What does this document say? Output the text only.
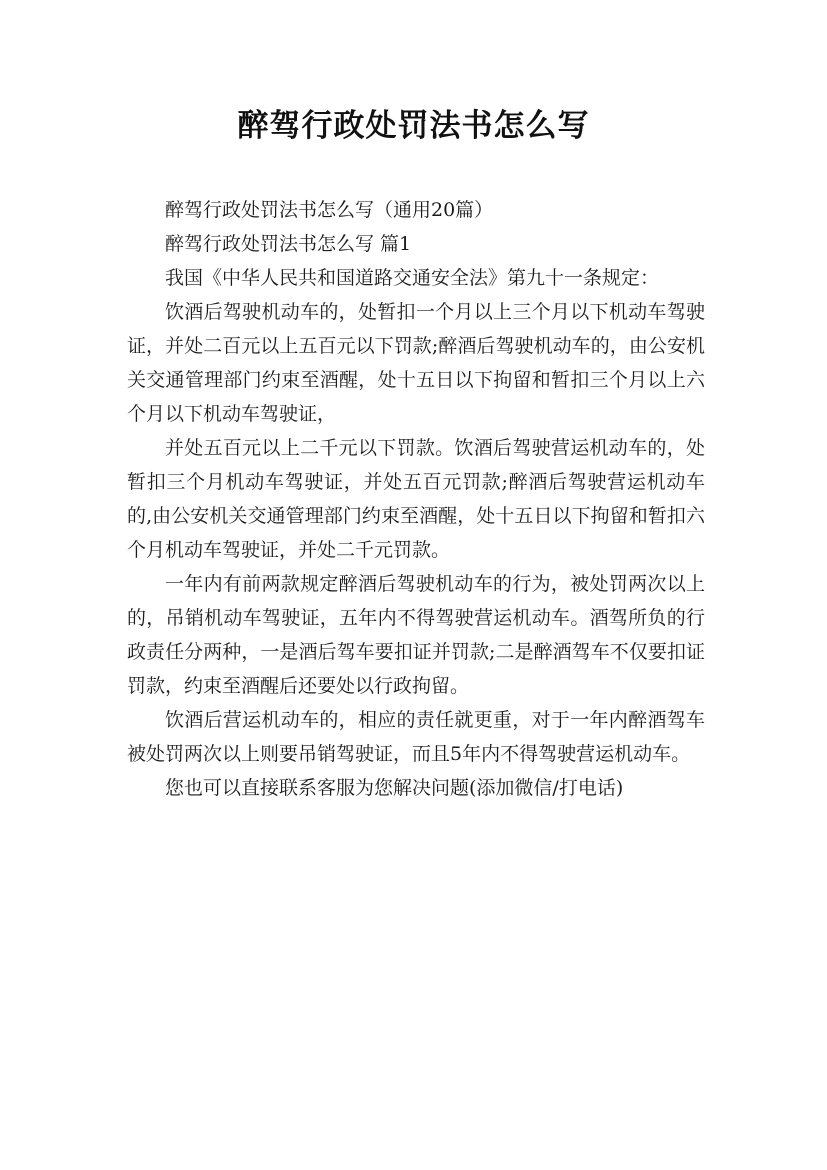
醉驾行政处罚法书怎么写

醉驾行政处罚法书怎么写（通用20篇）

醉驾行政处罚法书怎么写 篇1

我国《中华人民共和国道路交通安全法》第九十一条规定：

饮酒后驾驶机动车的，处暂扣一个月以上三个月以下机动车驾驶证，并处二百元以上五百元以下罚款;醉酒后驾驶机动车的，由公安机关交通管理部门约束至酒醒，处十五日以下拘留和暂扣三个月以上六个月以下机动车驾驶证，

并处五百元以上二千元以下罚款。饮酒后驾驶营运机动车的，处暂扣三个月机动车驾驶证，并处五百元罚款;醉酒后驾驶营运机动车的,由公安机关交通管理部门约束至酒醒，处十五日以下拘留和暂扣六个月机动车驾驶证，并处二千元罚款。

一年内有前两款规定醉酒后驾驶机动车的行为，被处罚两次以上的，吊销机动车驾驶证，五年内不得驾驶营运机动车。酒驾所负的行政责任分两种，一是酒后驾车要扣证并罚款;二是醉酒驾车不仅要扣证罚款，约束至酒醒后还要处以行政拘留。

饮酒后营运机动车的，相应的责任就更重，对于一年内醉酒驾车被处罚两次以上则要吊销驾驶证，而且5年内不得驾驶营运机动车。

您也可以直接联系客服为您解决问题(添加微信/打电话)
